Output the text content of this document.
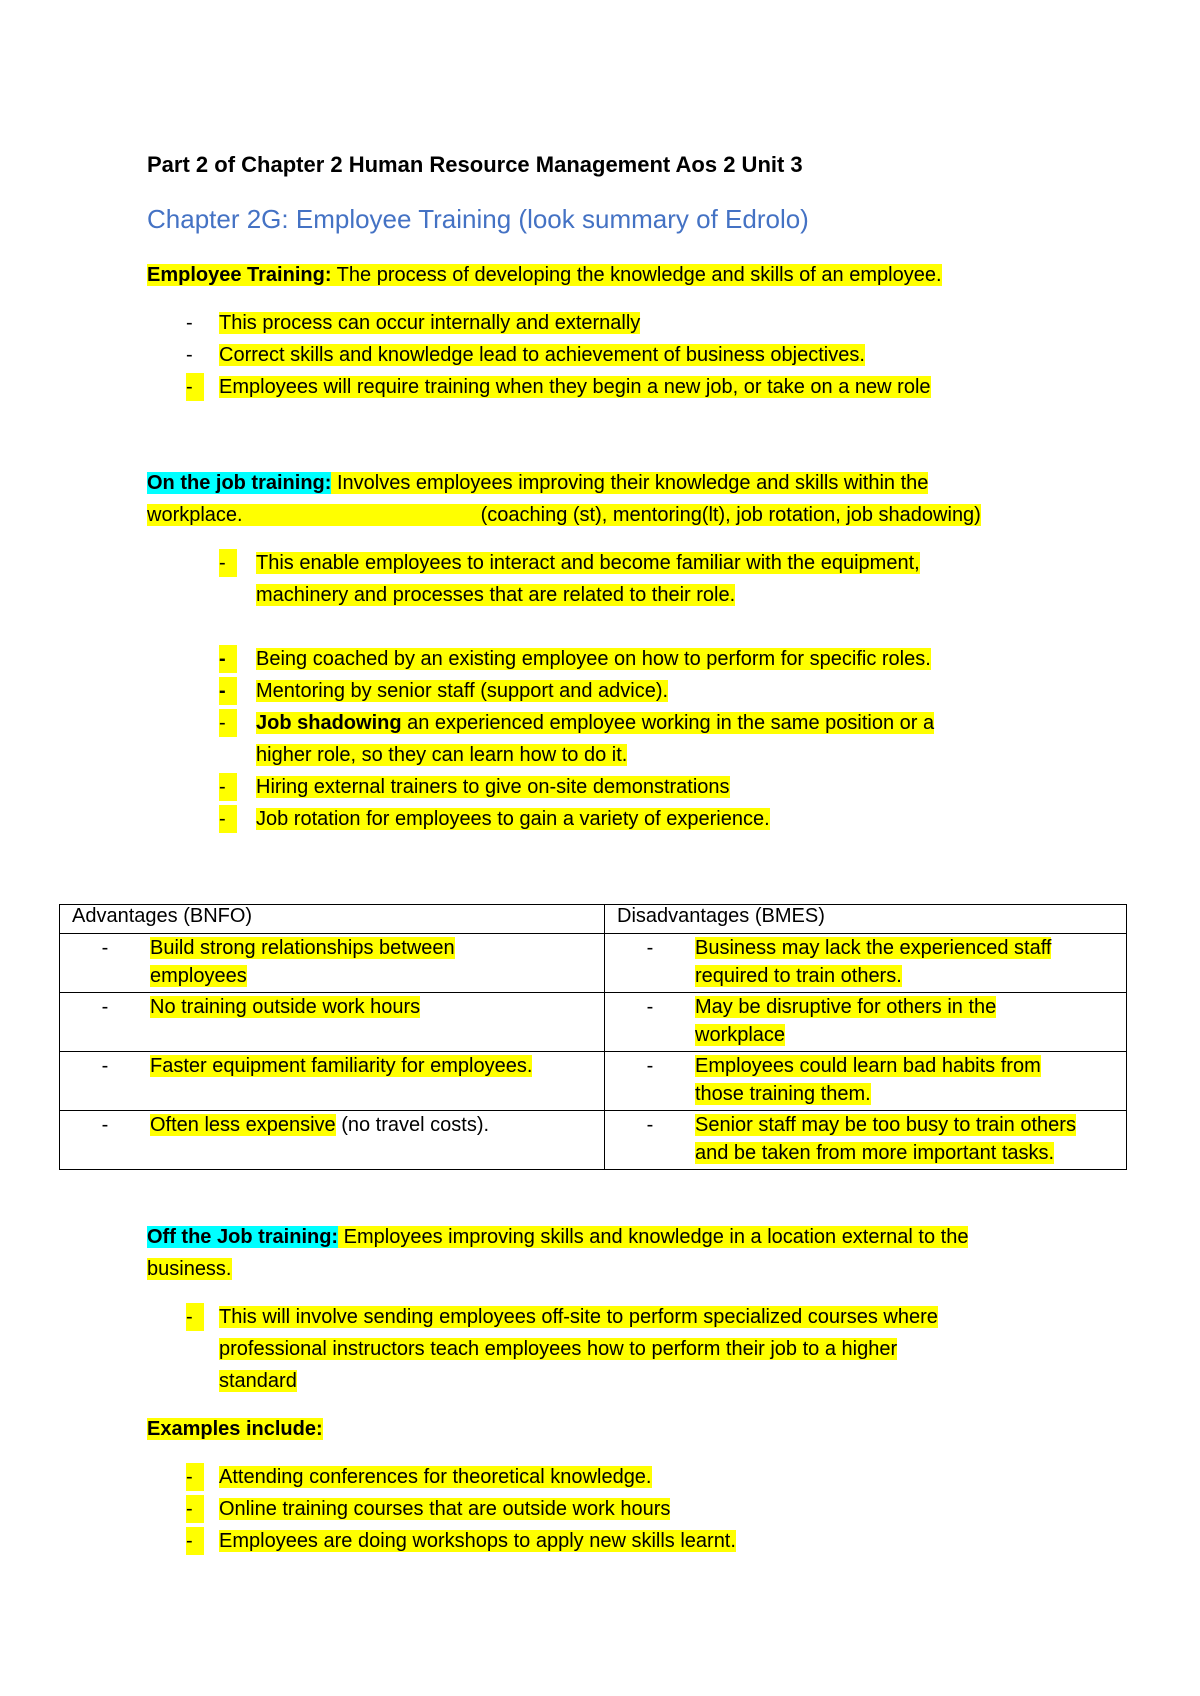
Part 2 of Chapter 2 Human Resource Management Aos 2 Unit 3
Chapter 2G: Employee Training (look summary of Edrolo)
Employee Training: The process of developing the knowledge and skills of an employee.
- This process can occur internally and externally
- Correct skills and knowledge lead to achievement of business objectives.
- Employees will require training when they begin a new job, or take on a new role
On the job training: Involves employees improving their knowledge and skills within the
workplace.	(coaching (st), mentoring(lt), job rotation, job shadowing)
- This enable employees to interact and become familiar with the equipment,
machinery and processes that are related to their role.
- Being coached by an existing employee on how to perform for specific roles.
- Mentoring by senior staff (support and advice).
- Job shadowing an experienced employee working in the same position or a
higher role, so they can learn how to do it.
- Hiring external trainers to give on-site demonstrations
- Job rotation for employees to gain a variety of experience.
Advantages (BNFO)	Disadvantages (BMES)

- Build strong relationships between
employees	- Business may lack the experienced staff
required to train others.

- No training outside work hours	- May be disruptive for others in the
workplace

- Faster equipment familiarity for employees.	- Employees could learn bad habits from
those training them.

- Often less expensive (no travel costs).	- Senior staff may be too busy to train others
and be taken from more important tasks.
Off the Job training: Employees improving skills and knowledge in a location external to the
business.
- This will involve sending employees off-site to perform specialized courses where
professional instructors teach employees how to perform their job to a higher
standard
Examples include:
- Attending conferences for theoretical knowledge.
- Online training courses that are outside work hours
- Employees are doing workshops to apply new skills learnt.
